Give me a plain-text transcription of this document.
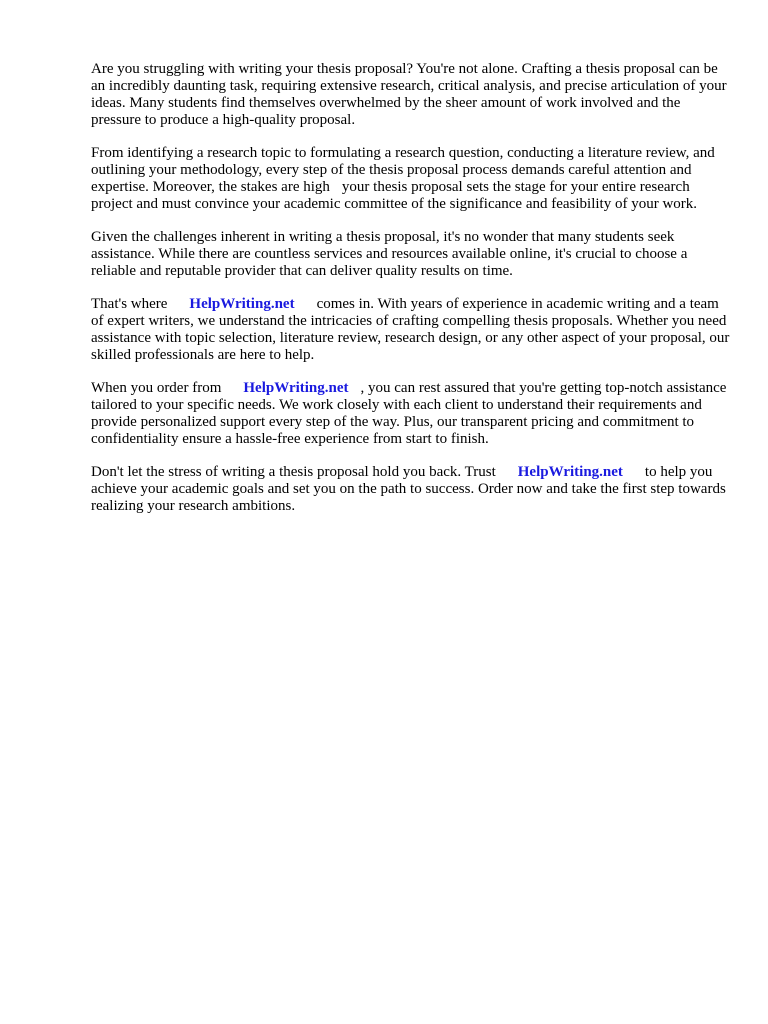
Are you struggling with writing your thesis proposal? You're not alone. Crafting a thesis proposal can be an incredibly daunting task, requiring extensive research, critical analysis, and precise articulation of your ideas. Many students find themselves overwhelmed by the sheer amount of work involved and the pressure to produce a high-quality proposal.

From identifying a research topic to formulating a research question, conducting a literature review, and outlining your methodology, every step of the thesis proposal process demands careful attention and expertise. Moreover, the stakes are high your thesis proposal sets the stage for your entire research project and must convince your academic committee of the significance and feasibility of your work.

Given the challenges inherent in writing a thesis proposal, it's no wonder that many students seek assistance. While there are countless services and resources available online, it's crucial to choose a reliable and reputable provider that can deliver quality results on time.

That's where HelpWriting.net comes in. With years of experience in academic writing and a team of expert writers, we understand the intricacies of crafting compelling thesis proposals. Whether you need assistance with topic selection, literature review, research design, or any other aspect of your proposal, our skilled professionals are here to help.

When you order from HelpWriting.net , you can rest assured that you're getting top-notch assistance tailored to your specific needs. We work closely with each client to understand their requirements and provide personalized support every step of the way. Plus, our transparent pricing and commitment to confidentiality ensure a hassle-free experience from start to finish.

Don't let the stress of writing a thesis proposal hold you back. Trust HelpWriting.net to help you achieve your academic goals and set you on the path to success. Order now and take the first step towards realizing your research ambitions.
